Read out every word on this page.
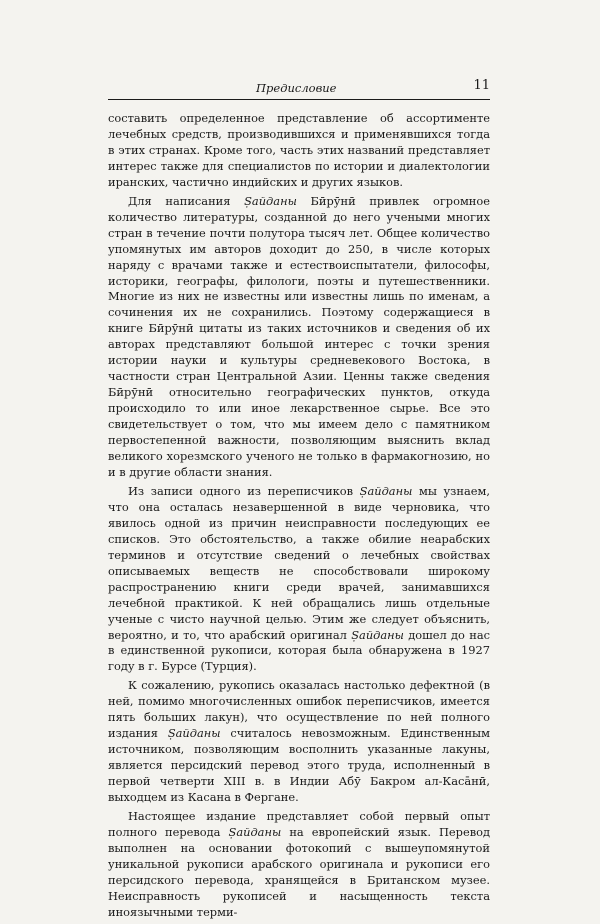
Предисловие	11

составить определенное представление об ассортименте лечебных средств, производившихся и применявшихся тогда в этих странах. Кроме того, часть этих названий представляет интерес также для специалистов по истории и диалектологии иранских, частично индийских и других языков.

Для написания Ṣайданы Бӣрӯнӣ привлек огромное количество литературы, созданной до него учеными многих стран в течение почти полутора тысяч лет. Общее количество упомянутых им авторов доходит до 250, в числе которых наряду с врачами также и естествоиспытатели, философы, историки, географы, филологи, поэты и путешественники. Многие из них не известны или известны лишь по именам, а сочинения их не сохранились. Поэтому содержащиеся в книге Бӣрӯнӣ цитаты из таких источников и сведения об их авторах представляют большой интерес с точки зрения истории науки и культуры средневекового Востока, в частности стран Центральной Азии. Ценны также сведения Бӣрӯнӣ относительно географических пунктов, откуда происходило то или иное лекарственное сырье. Все это свидетельствует о том, что мы имеем дело с памятником первостепенной важности, позволяющим выяснить вклад великого хорезмского ученого не только в фармакогнозию, но и в другие области знания.

Из записи одного из переписчиков Ṣайданы мы узнаем, что она осталась незавершенной в виде черновика, что явилось одной из причин неисправности последующих ее списков. Это обстоятельство, а также обилие неарабских терминов и отсутствие сведений о лечебных свойствах описываемых веществ не способствовали широкому распространению книги среди врачей, занимавшихся лечебной практикой. К ней обращались лишь отдельные ученые с чисто научной целью. Этим же следует объяснить, вероятно, и то, что арабский оригинал Ṣайданы дошел до нас в единственной рукописи, которая была обнаружена в 1927 году в г. Бурсе (Турция).

К сожалению, рукопись оказалась настолько дефектной (в ней, помимо многочисленных ошибок переписчиков, имеется пять больших лакун), что осуществление по ней полного издания Ṣайданы считалось невозможным. Единственным источником, позволяющим восполнить указанные лакуны, является персидский перевод этого труда, исполненный в первой четверти XIII в. в Индии Абӯ Бакром ал-Касāнӣ, выходцем из Касана в Фергане.

Настоящее издание представляет собой первый опыт полного перевода Ṣайданы на европейский язык. Перевод выполнен на основании фотокопий с вышеупомянутой уникальной рукописи арабского оригинала и рукописи его персидского перевода, хранящейся в Британском музее. Неисправность рукописей и насыщенность текста иноязычными терми-
